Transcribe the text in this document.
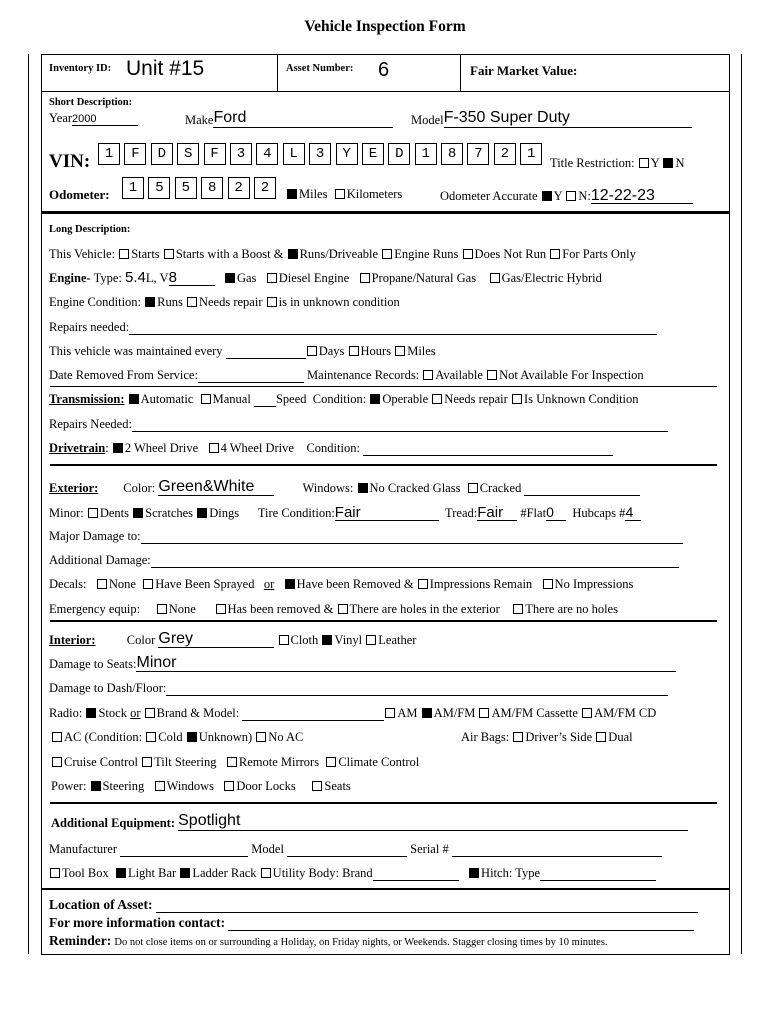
Vehicle Inspection Form
Inventory ID: Unit #15	Asset Number: 6	Fair Market Value:
Short Description:
Year2000	MakeFord	ModelF-350 Super Duty
VIN:	1 F D S F 3 4 L 3 Y E D 1 8 7 2 1
Title Restriction: Y N
Odometer:	1 5 5 8 2 2	Miles Kilometers	Odometer Accurate Y N:12-22-23
Long Description:
This Vehicle: Starts Starts with a Boost & Runs/Driveable Engine Runs Does Not Run For Parts Only
Engine- Type: 5.4L, V8	Gas Diesel Engine Propane/Natural Gas Gas/Electric Hybrid
Engine Condition: Runs Needs repair is in unknown condition
Repairs needed:
This vehicle was maintained every	Days Hours Miles
Date Removed From Service:	Maintenance Records: Available Not Available For Inspection
Transmission: Automatic Manual Speed Condition: Operable Needs repair Is Unknown Condition
Repairs Needed:
Drivetrain: 2 Wheel Drive 4 Wheel Drive Condition:
Exterior: Color: Green&White	Windows: No Cracked Glass Cracked
Minor: Dents Scratches Dings Tire Condition:Fair	Tread:Fair #Flat0 Hubcaps #4
Major Damage to:
Additional Damage:
Decals: None Have Been Sprayed or Have been Removed & Impressions Remain No Impressions
Emergency equip: None	Has been removed & There are holes in the exterior There are no holes
Interior:	Color Grey	Cloth Vinyl Leather
Damage to Seats:Minor
Damage to Dash/Floor:
Radio: Stock or Brand & Model:	AM AM/FM AM/FM Cassette AM/FM CD
AC (Condition: Cold Unknown) No AC	Air Bags: Driver’s Side Dual
Cruise Control Tilt Steering Remote Mirrors Climate Control
Power: Steering Windows Door Locks Seats
Additional Equipment: Spotlight
Manufacturer	Model	Serial #
Tool Box Light Bar Ladder Rack Utility Body: Brand	Hitch: Type
Location of Asset:
For more information contact:
Reminder: Do not close items on or surrounding a Holiday, on Friday nights, or Weekends. Stagger closing times by 10 minutes.
